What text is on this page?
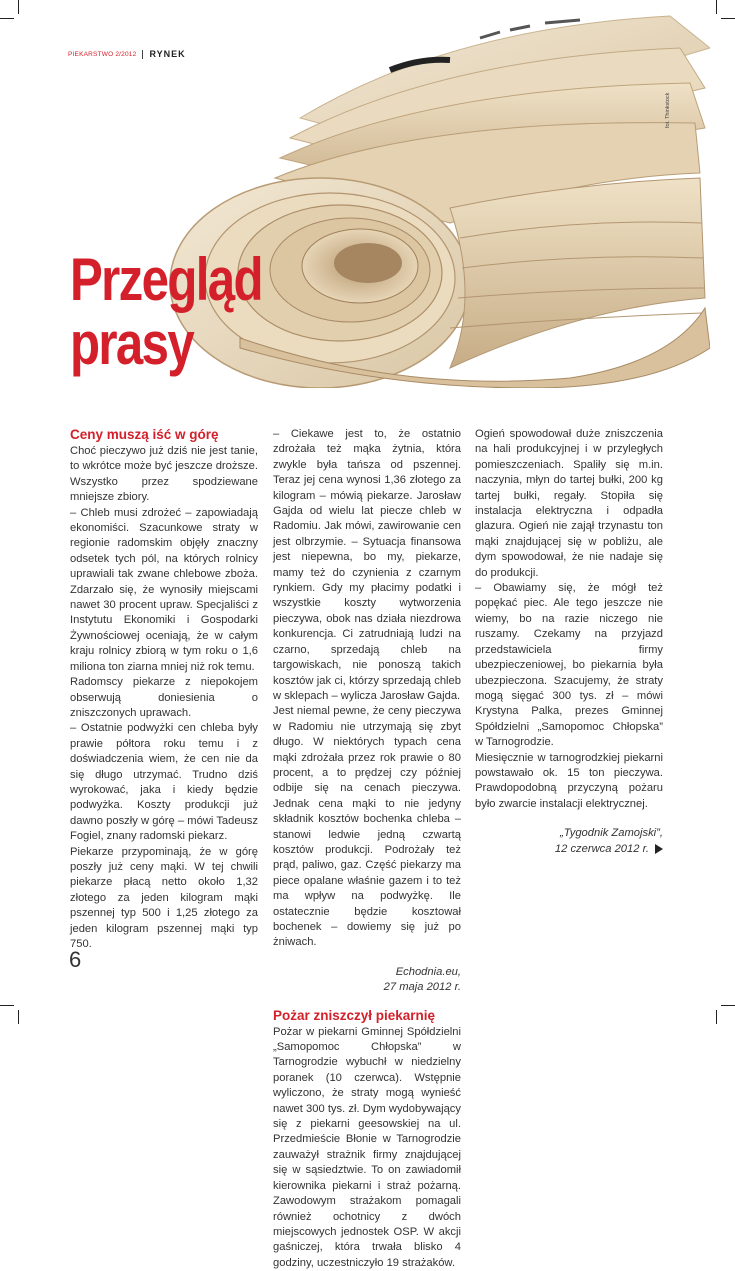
PIEKARSTWO 2/2012 RYNEK
fot. Thinkstock
Przegląd
prasy
Ceny muszą iść w górę

Choć pieczywo już dziś nie jest tanie, to wkrótce może być jeszcze droższe. Wszystko przez spodziewane mniejsze zbiory.

– Chleb musi zdrożeć – zapowiadają ekonomiści. Szacunkowe straty w regionie radomskim objęły znaczny odsetek tych pól, na których rolnicy uprawiali tak zwane chlebowe zboża. Zdarzało się, że wynosiły miejscami nawet 30 procent upraw. Specjaliści z Instytutu Ekonomiki i Gospodarki Żywnościowej oceniają, że w całym kraju rolnicy zbiorą w tym roku o 1,6 miliona ton ziarna mniej niż rok temu.

Radomscy piekarze z niepokojem obserwują doniesienia o zniszczonych uprawach.

– Ostatnie podwyżki cen chleba były prawie półtora roku temu i z doświadczenia wiem, że cen nie da się długo utrzymać. Trudno dziś wyrokować, jaka i kiedy będzie podwyżka. Koszty produkcji już dawno poszły w górę – mówi Tadeusz Fogiel, znany radomski piekarz.

Piekarze przypominają, że w górę poszły już ceny mąki. W tej chwili piekarze płacą netto około 1,32 złotego za jeden kilogram mąki pszennej typ 500 i 1,25 złotego za jeden kilogram pszennej mąki typ 750.

– Ciekawe jest to, że ostatnio zdrożała też mąka żytnia, która zwykle była tańsza od pszennej. Teraz jej cena wynosi 1,36 złotego za kilogram – mówią piekarze. Jarosław Gajda od wielu lat piecze chleb w Radomiu. Jak mówi, zawirowanie cen jest olbrzymie. – Sytuacja finansowa jest niepewna, bo my, piekarze, mamy też do czynienia z czarnym rynkiem. Gdy my płacimy podatki i wszystkie koszty wytworzenia pieczywa, obok nas działa niezdrowa konkurencja. Ci zatrudniają ludzi na czarno, sprzedają chleb na targowiskach, nie ponoszą takich kosztów jak ci, którzy sprzedają chleb w sklepach – wylicza Jarosław Gajda.

Jest niemal pewne, że ceny pieczywa w Radomiu nie utrzymają się zbyt długo. W niektórych typach cena mąki zdrożała przez rok prawie o 80 procent, a to prędzej czy później odbije się na cenach pieczywa. Jednak cena mąki to nie jedyny składnik kosztów bochenka chleba – stanowi ledwie jedną czwartą kosztów produkcji. Podrożały też prąd, paliwo, gaz. Część piekarzy ma piece opalane właśnie gazem i to też ma wpływ na podwyżkę. Ile ostatecznie będzie kosztował bochenek – dowiemy się już po żniwach.

Echodnia.eu,

27 maja 2012 r.

Pożar zniszczył piekarnię

Pożar w piekarni Gminnej Spółdzielni „Samopomoc Chłopska” w Tarnogrodzie wybuchł w niedzielny poranek (10 czerwca). Wstępnie wyliczono, że straty mogą wynieść nawet 300 tys. zł. Dym wydobywający się z piekarni geesowskiej na ul. Przedmieście Błonie w Tarnogrodzie zauważył strażnik firmy znajdującej się w sąsiedztwie. To on zawiadomił kierownika piekarni i straż pożarną. Zawodowym strażakom pomagali również ochotnicy z dwóch miejscowych jednostek OSP. W akcji gaśniczej, która trwała blisko 4 godziny, uczestniczyło 19 strażaków.

Ogień spowodował duże zniszczenia na hali produkcyjnej i w przyległych pomieszczeniach. Spaliły się m.in. naczynia, młyn do tartej bułki, 200 kg tartej bułki, regały. Stopiła się instalacja elektryczna i odpadła glazura. Ogień nie zajął trzynastu ton mąki znajdującej się w pobliżu, ale dym spowodował, że nie nadaje się do produkcji.

– Obawiamy się, że mógł też popękać piec. Ale tego jeszcze nie wiemy, bo na razie niczego nie ruszamy. Czekamy na przyjazd przedstawiciela firmy ubezpieczeniowej, bo piekarnia była ubezpieczona. Szacujemy, że straty mogą sięgać 300 tys. zł – mówi Krystyna Palka, prezes Gminnej Spółdzielni „Samopomoc Chłopska” w Tarnogrodzie.

Miesięcznie w tarnogrodzkiej piekarni powstawało ok. 15 ton pieczywa. Prawdopodobną przyczyną pożaru było zwarcie instalacji elektrycznej.

„Tygodnik Zamojski”,

12 czerwca 2012 r.

6
